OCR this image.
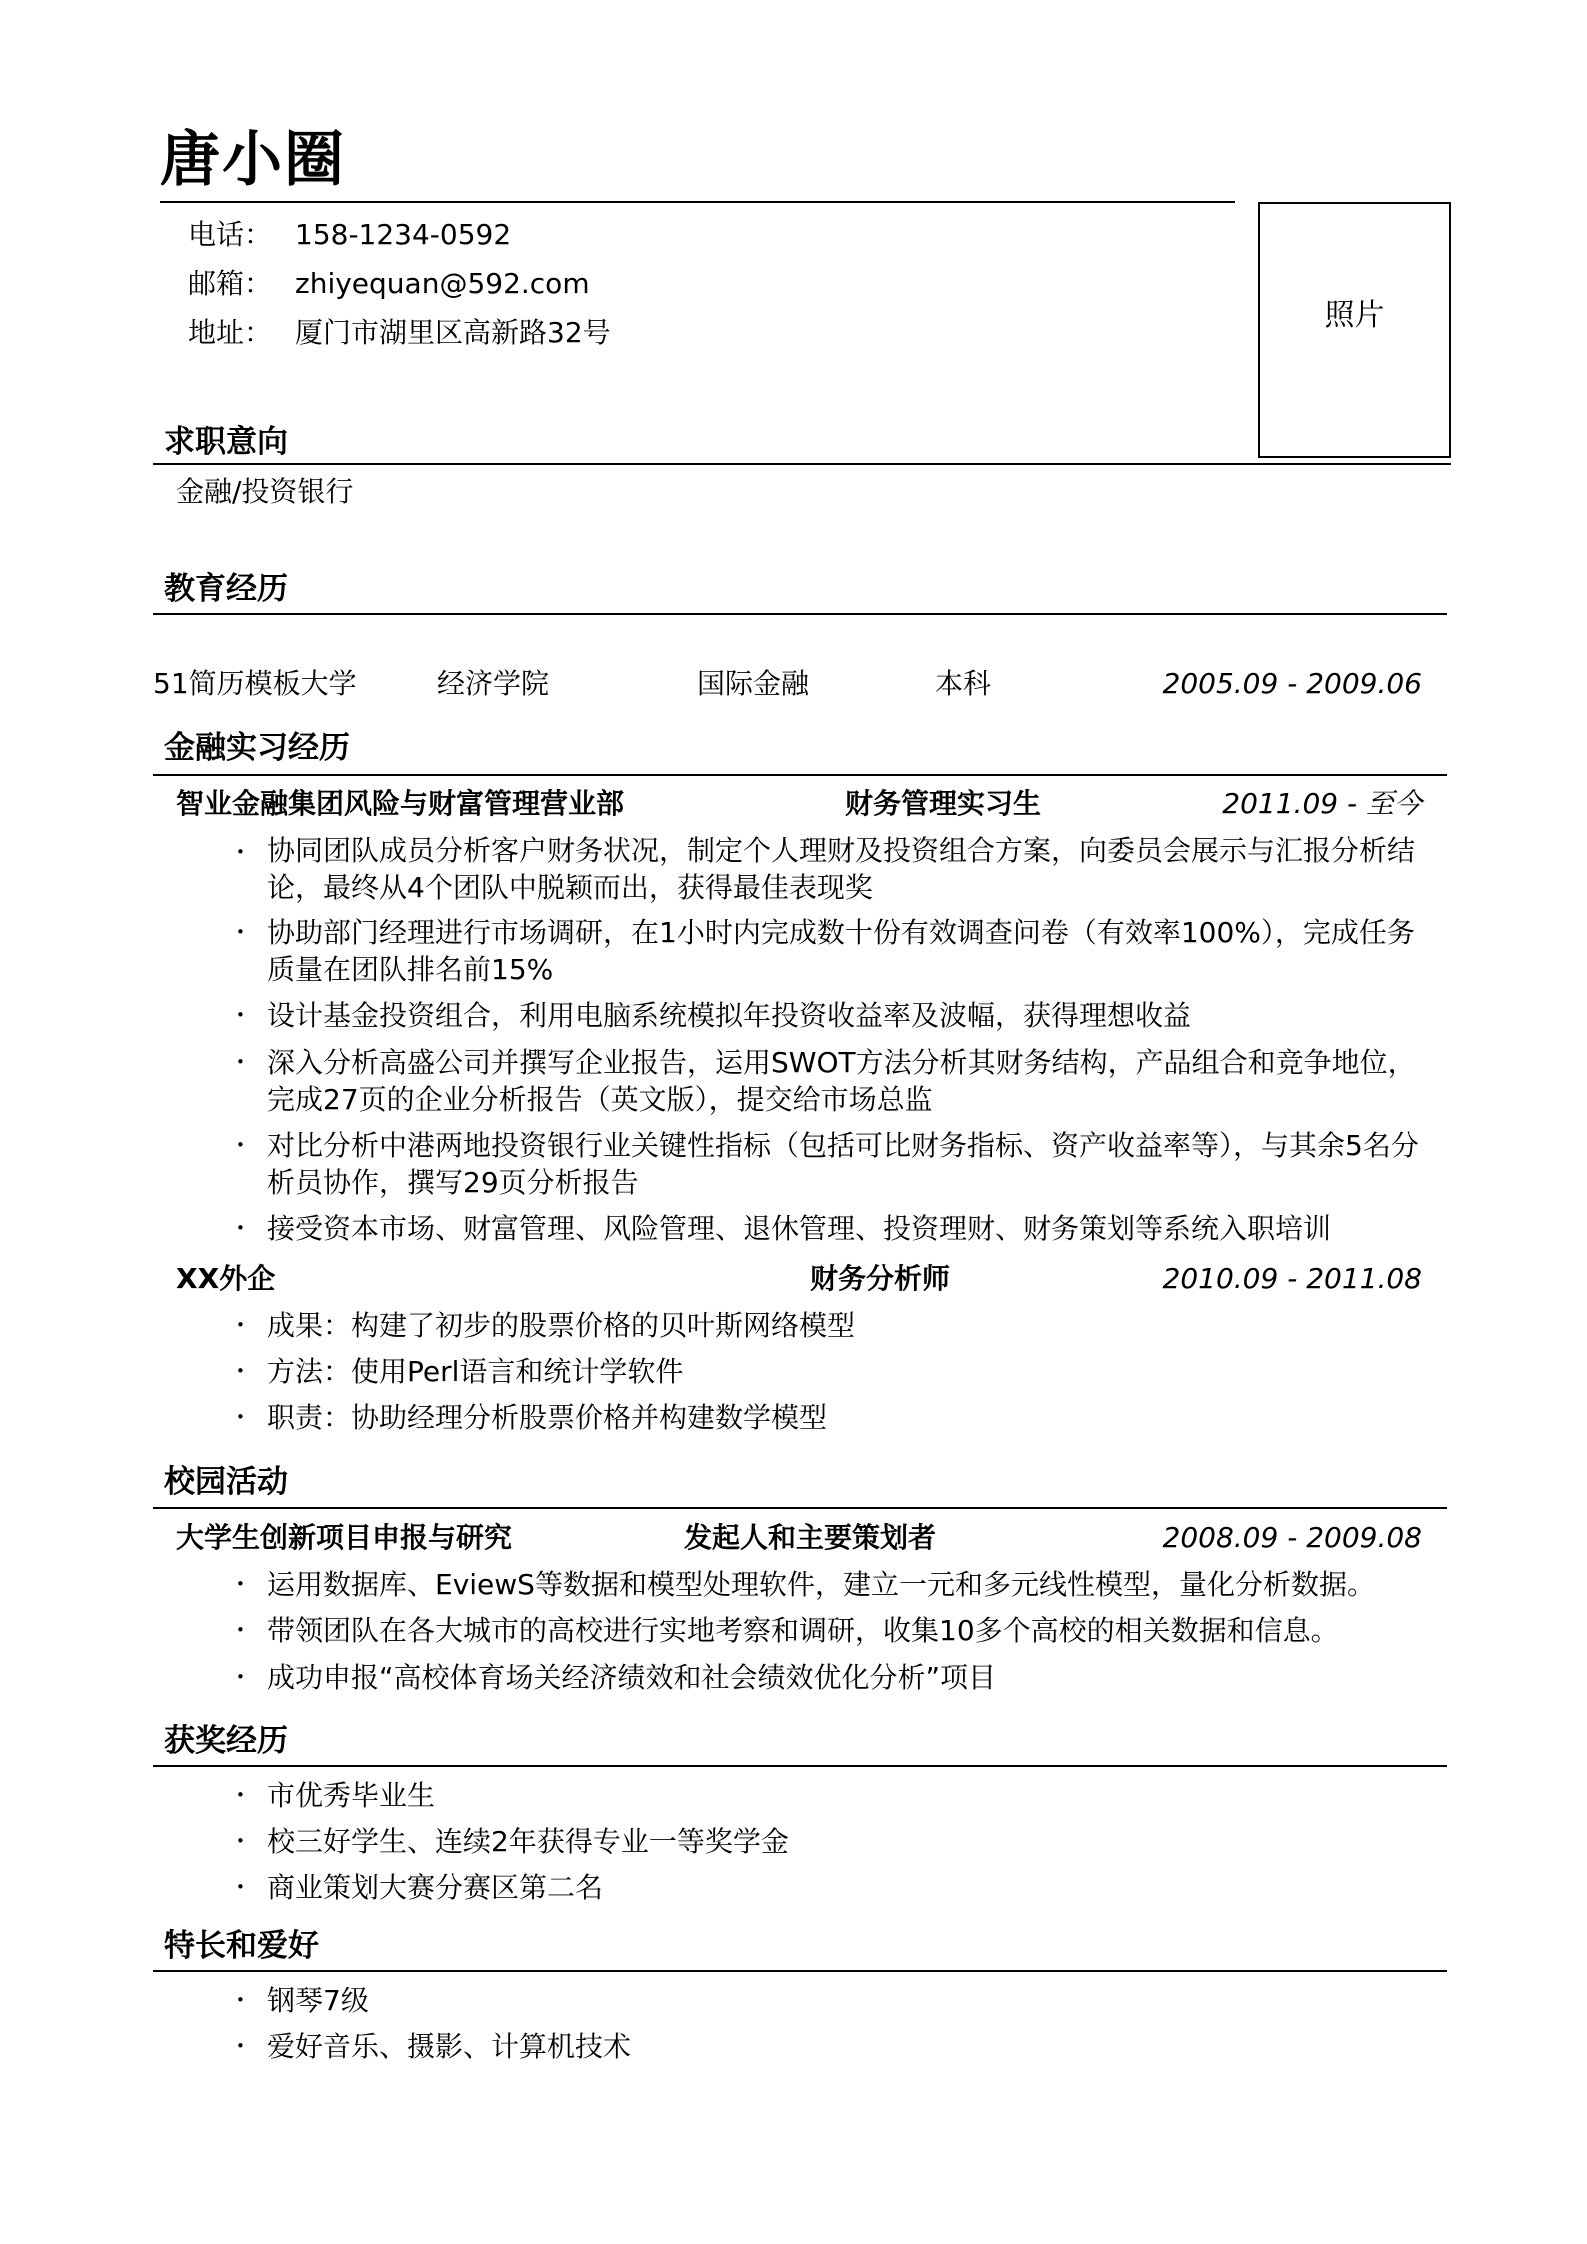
唐小圈
电话： 158-1234-0592
邮箱： zhiyequan@592.com
地址： 厦门市湖里区高新路32号	照片
求职意向
金融/投资银行
教育经历
51简历模板大学	经济学院	国际金融	本科	2005.09 - 2009.06
金融实习经历
智业金融集团风险与财富管理营业部	财务管理实习生	2011.09 - 至今
• 协同团队成员分析客户财务状况，制定个人理财及投资组合方案，向委员会展示与汇报分析结论，最终从4个团队中脱颖而出，获得最佳表现奖
• 协助部门经理进行市场调研，在1小时内完成数十份有效调查问卷（有效率100%），完成任务质量在团队排名前15%
• 设计基金投资组合，利用电脑系统模拟年投资收益率及波幅，获得理想收益
• 深入分析高盛公司并撰写企业报告，运用SWOT方法分析其财务结构，产品组合和竞争地位，完成27页的企业分析报告（英文版），提交给市场总监
• 对比分析中港两地投资银行业关键性指标（包括可比财务指标、资产收益率等），与其余5名分析员协作，撰写29页分析报告
• 接受资本市场、财富管理、风险管理、退休管理、投资理财、财务策划等系统入职培训
XX外企	财务分析师	2010.09 - 2011.08
• 成果：构建了初步的股票价格的贝叶斯网络模型
• 方法：使用Perl语言和统计学软件
• 职责：协助经理分析股票价格并构建数学模型
校园活动
大学生创新项目申报与研究	发起人和主要策划者	2008.09 - 2009.08
• 运用数据库、EviewS等数据和模型处理软件，建立一元和多元线性模型，量化分析数据。
• 带领团队在各大城市的高校进行实地考察和调研，收集10多个高校的相关数据和信息。
• 成功申报“高校体育场关经济绩效和社会绩效优化分析”项目
获奖经历
• 市优秀毕业生
• 校三好学生、连续2年获得专业一等奖学金
• 商业策划大赛分赛区第二名
特长和爱好
• 钢琴7级
• 爱好音乐、摄影、计算机技术
